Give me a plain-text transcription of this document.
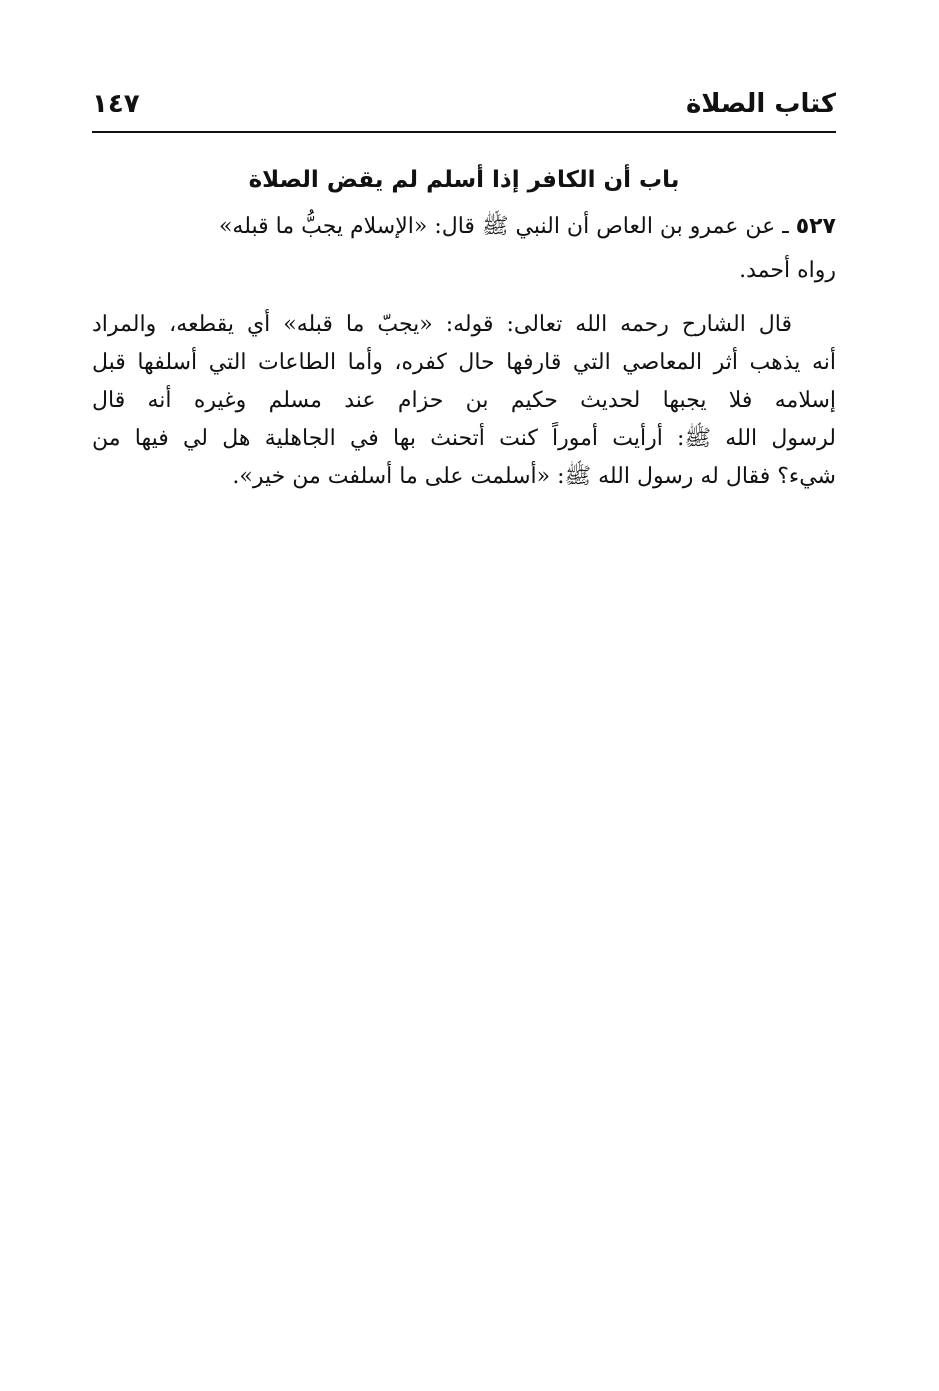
كتاب الصلاة
١٤٧
باب أن الكافر إذا أسلم لم يقض الصلاة
٥٢٧ ـ عن عمرو بن العاص أن النبي ﷺ قال: «الإسلام يجبُّ ما قبله»
رواه أحمد.
قال الشارح رحمه الله تعالى: قوله: «يجبّ ما قبله» أي يقطعه، والمراد
أنه يذهب أثر المعاصي التي قارفها حال كفره، وأما الطاعات التي أسلفها قبل
إسلامه فلا يجبها لحديث حكيم بن حزام عند مسلم وغيره أنه قال
لرسول الله ﷺ: أرأيت أموراً كنت أتحنث بها في الجاهلية هل لي فيها من
شيء؟ فقال له رسول الله ﷺ: «أسلمت على ما أسلفت من خير».
